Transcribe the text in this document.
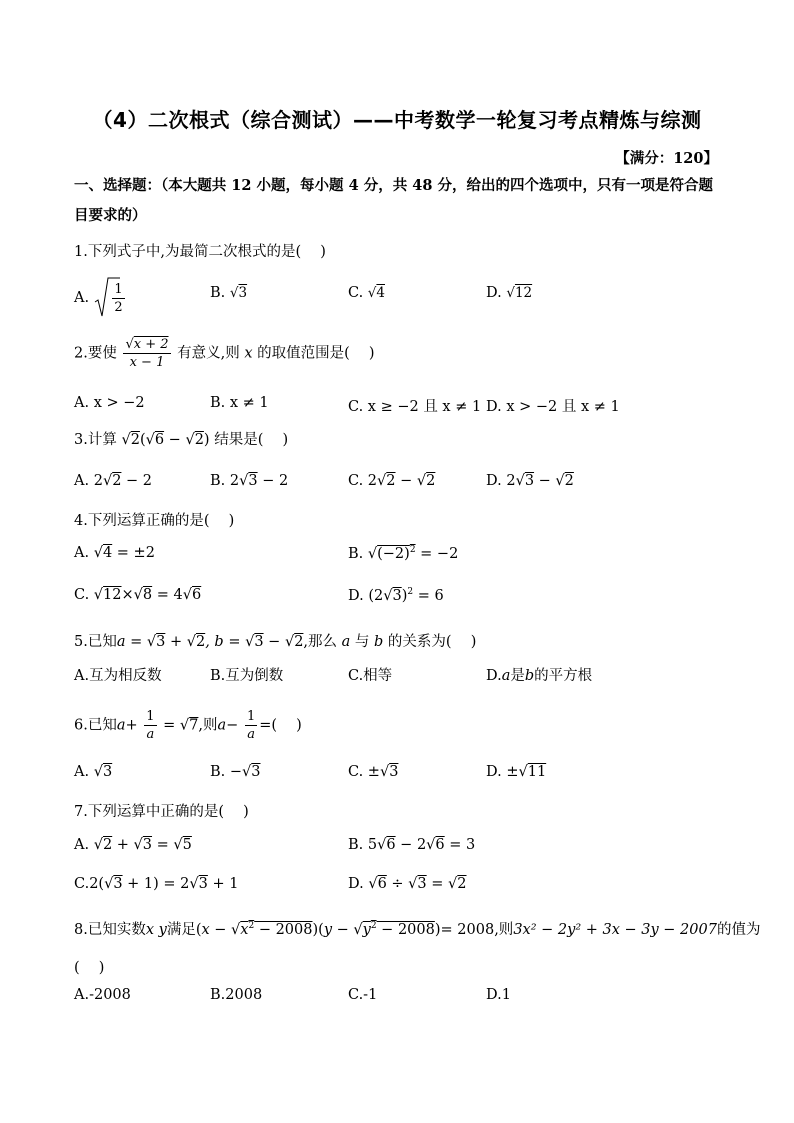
（4）二次根式（综合测试）——中考数学一轮复习考点精炼与综测
【满分：120】
一、选择题：（本大题共 12 小题，每小题 4 分，共 48 分，给出的四个选项中，只有一项是符合题目要求的）
1.下列式子中,为最简二次根式的是(　 )
A.
$\frac{1}{2}$	B. √3	C. √4	D. √12
2.要使 $\frac{√x + 2}{x - 1}$ 有意义,则 x 的取值范围是(　 )
A. x > −2	B. x ≠ 1	C. x ≥ −2 且 x ≠ 1 D. x > −2 且 x ≠ 1
3.计算 √2(√6 − √2) 结果是(　 )
A. 2√2 − 2	B. 2√3 − 2	C. 2√2 − √2	D. 2√3 − √2
4.下列运算正确的是(　 )
A. √4 = ±2	B. $√(-2)^2 = -2$
C. √12×√8 = 4√6	D. $(2√3)^2 = 6$
5.已知a = √3 + √2, b = √3 − √2,那么 a 与 b 的关系为(　 )
A.互为相反数	B.互为倒数	C.相等	D.a是b的平方根
6.已知$a+ \frac{1}{a} = √7$,则$a- \frac{1}{a}$ =(　 )
A. √3	B. −√3	C. ±√3	D. ±√11
7.下列运算中正确的是(　 )
A. √2 + √3 = √5	B. 5√6 − 2√6 = 3
C.2(√3 + 1) = 2√3 + 1	D. √6 ÷ √3 = √2
8.已知实数x y满足$(x - √x^2 - 2008)(y - √y^2 - 2008)= 2008$,则3x² − 2y² + 3x − 3y − 2007的值为
(　 )
A.-2008	B.2008	C.-1	D.1
